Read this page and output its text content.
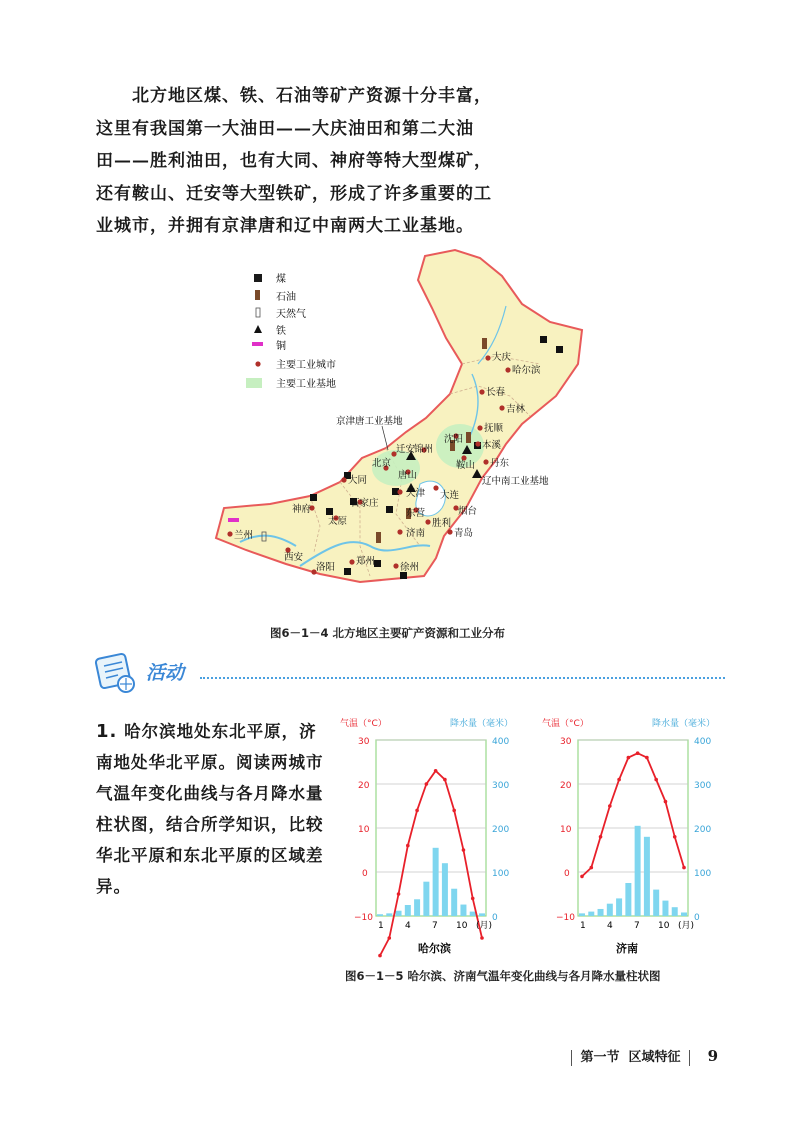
北方地区煤、铁、石油等矿产资源十分丰富，
这里有我国第一大油田——大庆油田和第二大油
田——胜利油田，也有大同、神府等特大型煤矿，
还有鞍山、迁安等大型铁矿，形成了许多重要的工
业城市，并拥有京津唐和辽中南两大工业基地。

煤
石油
天然气
铁
铜
主要工业城市
主要工业基地
大庆
哈尔滨
长春
吉林
抚顺
沈阳
本溪
鞍山 丹东
迁安
锦州
北京
唐山
天津
大同
大连
烟台
神府
石家庄
太原
东营
胜利
济南	青岛
兰州
西安
洛阳
郑州
徐州
京津唐工业基地
辽中南工业基地

图6－1－4 北方地区主要矿产资源和工业分布

活动

1. 哈尔滨地处东北平原，济南地处华北平原。阅读两城市气温年变化曲线与各月降水量柱状图，结合所学知识，比较华北平原和东北平原的区域差异。

气温（°C）	降水量（毫米）
30
20
10
0
−10
400
300
200
100
0
1 4 7 10 (月)
哈尔滨
气温（°C）	降水量（毫米）
30
20
10
0
−10
400
300
200
100
0
1 4 7 10 (月)
济南

图6－1－5 哈尔滨、济南气温年变化曲线与各月降水量柱状图

第一节 区域特征 9
